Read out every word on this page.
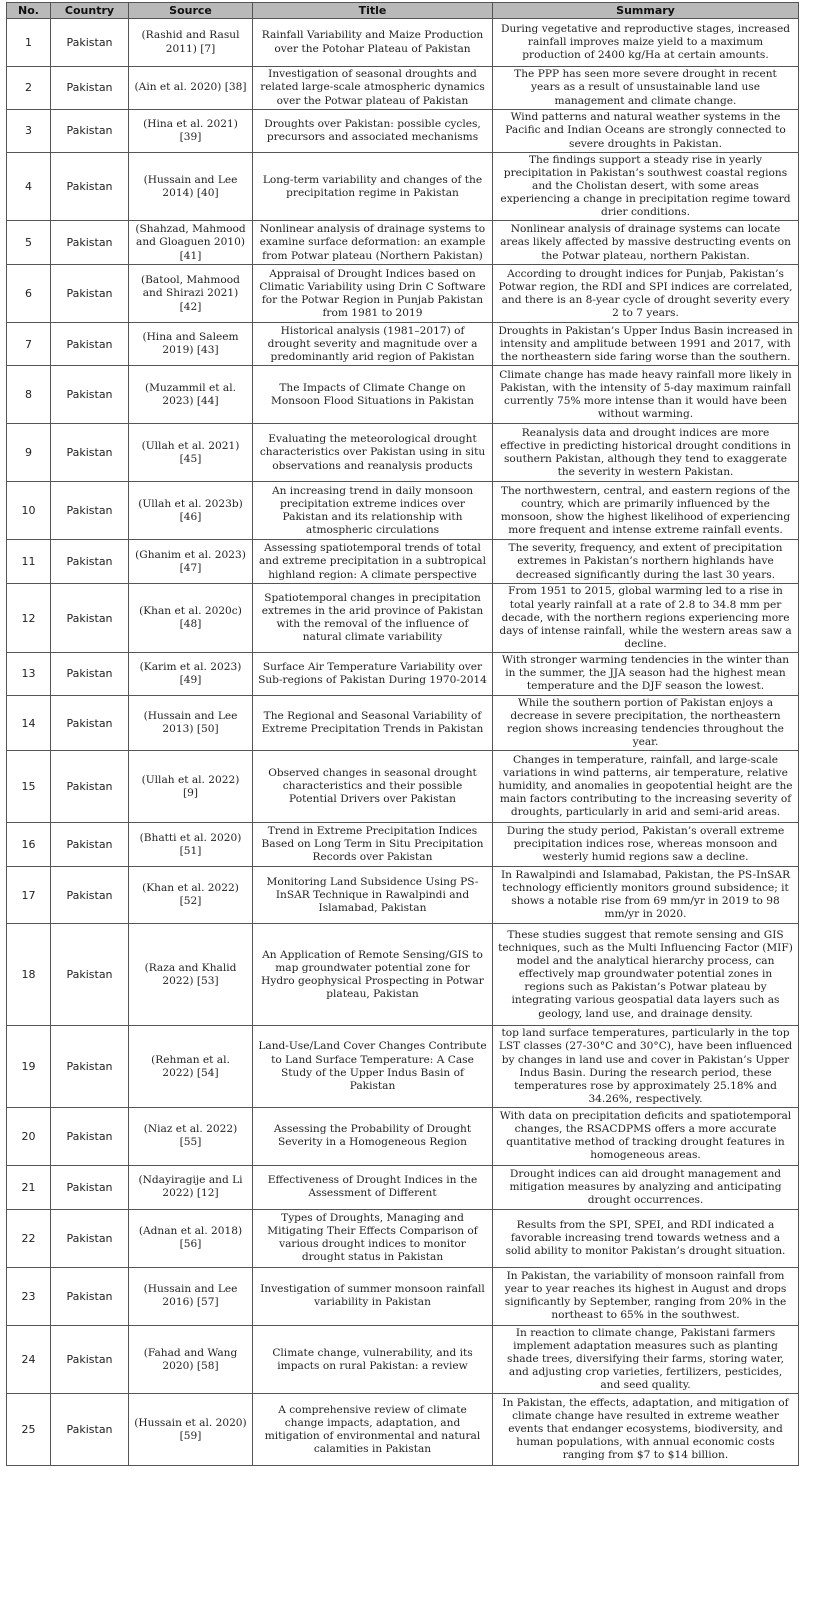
No.	Country	Source	Title	Summary
1	Pakistan	(Rashid and Rasul 2011) [7]	Rainfall Variability and Maize Production over the Potohar Plateau of Pakistan	During vegetative and reproductive stages, increased rainfall improves maize yield to a maximum production of 2400 kg/Ha at certain amounts.
2	Pakistan	(Ain et al. 2020) [38]	Investigation of seasonal droughts and related large-scale atmospheric dynamics over the Potwar plateau of Pakistan	The PPP has seen more severe drought in recent years as a result of unsustainable land use management and climate change.
3	Pakistan	(Hina et al. 2021) [39]	Droughts over Pakistan: possible cycles, precursors and associated mechanisms	Wind patterns and natural weather systems in the Pacific and Indian Oceans are strongly connected to severe droughts in Pakistan.
4	Pakistan	(Hussain and Lee 2014) [40]	Long-term variability and changes of the precipitation regime in Pakistan	The findings support a steady rise in yearly precipitation in Pakistan’s southwest coastal regions and the Cholistan desert, with some areas experiencing a change in precipitation regime toward drier conditions.
5	Pakistan	(Shahzad, Mahmood and Gloaguen 2010) [41]	Nonlinear analysis of drainage systems to examine surface deformation: an example from Potwar plateau (Northern Pakistan)	Nonlinear analysis of drainage systems can locate areas likely affected by massive destructing events on the Potwar plateau, northern Pakistan.
6	Pakistan	(Batool, Mahmood and Shirazi 2021) [42]	Appraisal of Drought Indices based on Climatic Variability using Drin C Software for the Potwar Region in Punjab Pakistan from 1981 to 2019	According to drought indices for Punjab, Pakistan’s Potwar region, the RDI and SPI indices are correlated, and there is an 8-year cycle of drought severity every 2 to 7 years.
7	Pakistan	(Hina and Saleem 2019) [43]	Historical analysis (1981–2017) of drought severity and magnitude over a predominantly arid region of Pakistan	Droughts in Pakistan’s Upper Indus Basin increased in intensity and amplitude between 1991 and 2017, with the northeastern side faring worse than the southern.
8	Pakistan	(Muzammil et al. 2023) [44]	The Impacts of Climate Change on Monsoon Flood Situations in Pakistan	Climate change has made heavy rainfall more likely in Pakistan, with the intensity of 5-day maximum rainfall currently 75% more intense than it would have been without warming.
9	Pakistan	(Ullah et al. 2021) [45]	Evaluating the meteorological drought characteristics over Pakistan using in situ observations and reanalysis products	Reanalysis data and drought indices are more effective in predicting historical drought conditions in southern Pakistan, although they tend to exaggerate the severity in western Pakistan.
10	Pakistan	(Ullah et al. 2023b) [46]	An increasing trend in daily monsoon precipitation extreme indices over Pakistan and its relationship with atmospheric circulations	The northwestern, central, and eastern regions of the country, which are primarily influenced by the monsoon, show the highest likelihood of experiencing more frequent and intense extreme rainfall events.
11	Pakistan	(Ghanim et al. 2023) [47]	Assessing spatiotemporal trends of total and extreme precipitation in a subtropical highland region: A climate perspective	The severity, frequency, and extent of precipitation extremes in Pakistan’s northern highlands have decreased significantly during the last 30 years.
12	Pakistan	(Khan et al. 2020c) [48]	Spatiotemporal changes in precipitation extremes in the arid province of Pakistan with the removal of the influence of natural climate variability	From 1951 to 2015, global warming led to a rise in total yearly rainfall at a rate of 2.8 to 34.8 mm per decade, with the northern regions experiencing more days of intense rainfall, while the western areas saw a decline.
13	Pakistan	(Karim et al. 2023) [49]	Surface Air Temperature Variability over Sub-regions of Pakistan During 1970-2014	With stronger warming tendencies in the winter than in the summer, the JJA season had the highest mean temperature and the DJF season the lowest.
14	Pakistan	(Hussain and Lee 2013) [50]	The Regional and Seasonal Variability of Extreme Precipitation Trends in Pakistan	While the southern portion of Pakistan enjoys a decrease in severe precipitation, the northeastern region shows increasing tendencies throughout the year.
15	Pakistan	(Ullah et al. 2022) [9]	Observed changes in seasonal drought characteristics and their possible Potential Drivers over Pakistan	Changes in temperature, rainfall, and large-scale variations in wind patterns, air temperature, relative humidity, and anomalies in geopotential height are the main factors contributing to the increasing severity of droughts, particularly in arid and semi-arid areas.
16	Pakistan	(Bhatti et al. 2020) [51]	Trend in Extreme Precipitation Indices Based on Long Term in Situ Precipitation Records over Pakistan	During the study period, Pakistan’s overall extreme precipitation indices rose, whereas monsoon and westerly humid regions saw a decline.
17	Pakistan	(Khan et al. 2022) [52]	Monitoring Land Subsidence Using PS-InSAR Technique in Rawalpindi and Islamabad, Pakistan	In Rawalpindi and Islamabad, Pakistan, the PS-InSAR technology efficiently monitors ground subsidence; it shows a notable rise from 69 mm/yr in 2019 to 98 mm/yr in 2020.
18	Pakistan	(Raza and Khalid 2022) [53]	An Application of Remote Sensing/GIS to map groundwater potential zone for Hydro geophysical Prospecting in Potwar plateau, Pakistan	These studies suggest that remote sensing and GIS techniques, such as the Multi Influencing Factor (MIF) model and the analytical hierarchy process, can effectively map groundwater potential zones in regions such as Pakistan’s Potwar plateau by integrating various geospatial data layers such as geology, land use, and drainage density.
19	Pakistan	(Rehman et al. 2022) [54]	Land-Use/Land Cover Changes Contribute to Land Surface Temperature: A Case Study of the Upper Indus Basin of Pakistan	top land surface temperatures, particularly in the top LST classes (27-30°C and 30°C), have been influenced by changes in land use and cover in Pakistan’s Upper Indus Basin. During the research period, these temperatures rose by approximately 25.18% and 34.26%, respectively.
20	Pakistan	(Niaz et al. 2022) [55]	Assessing the Probability of Drought Severity in a Homogeneous Region	With data on precipitation deficits and spatiotemporal changes, the RSACDPMS offers a more accurate quantitative method of tracking drought features in homogeneous areas.
21	Pakistan	(Ndayiragije and Li 2022) [12]	Effectiveness of Drought Indices in the Assessment of Different	Drought indices can aid drought management and mitigation measures by analyzing and anticipating drought occurrences.
22	Pakistan	(Adnan et al. 2018) [56]	Types of Droughts, Managing and Mitigating Their Effects Comparison of various drought indices to monitor drought status in Pakistan	Results from the SPI, SPEI, and RDI indicated a favorable increasing trend towards wetness and a solid ability to monitor Pakistan’s drought situation.
23	Pakistan	(Hussain and Lee 2016) [57]	Investigation of summer monsoon rainfall variability in Pakistan	In Pakistan, the variability of monsoon rainfall from year to year reaches its highest in August and drops significantly by September, ranging from 20% in the northeast to 65% in the southwest.
24	Pakistan	(Fahad and Wang 2020) [58]	Climate change, vulnerability, and its impacts on rural Pakistan: a review	In reaction to climate change, Pakistani farmers implement adaptation measures such as planting shade trees, diversifying their farms, storing water, and adjusting crop varieties, fertilizers, pesticides, and seed quality.
25	Pakistan	(Hussain et al. 2020) [59]	A comprehensive review of climate change impacts, adaptation, and mitigation of environmental and natural calamities in Pakistan	In Pakistan, the effects, adaptation, and mitigation of climate change have resulted in extreme weather events that endanger ecosystems, biodiversity, and human populations, with annual economic costs ranging from $7 to $14 billion.
